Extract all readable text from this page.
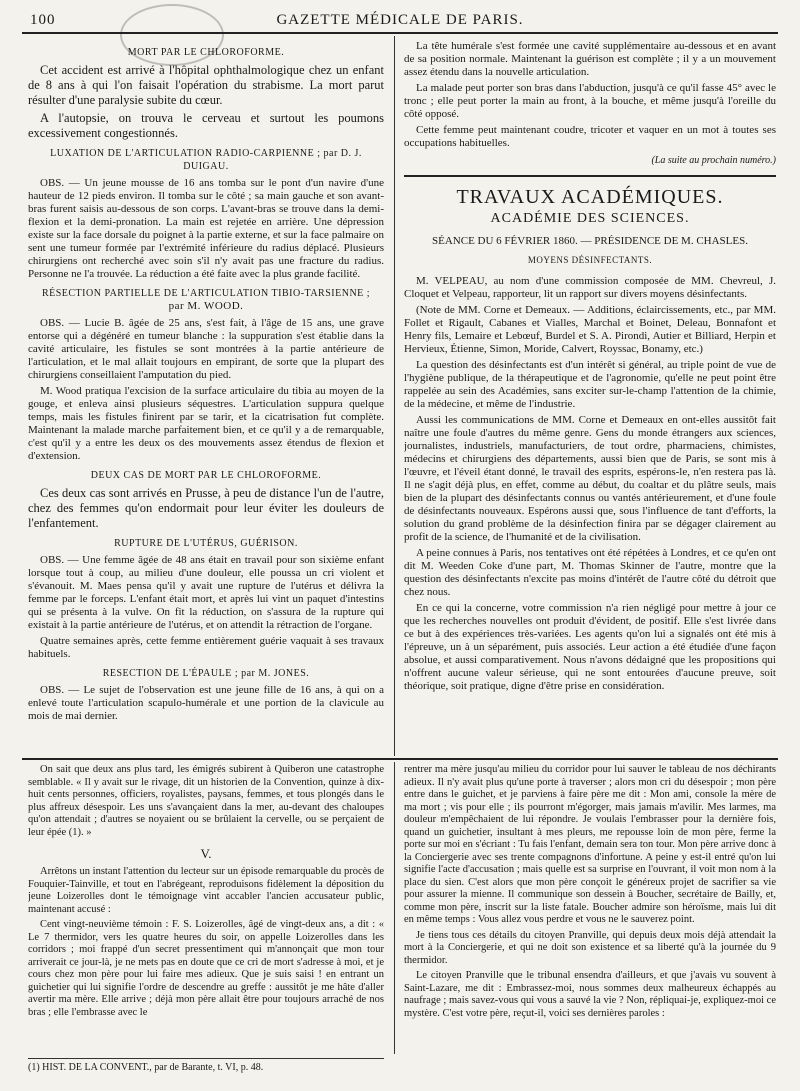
100	GAZETTE MÉDICALE DE PARIS.
MORT PAR LE CHLOROFORME.

Cet accident est arrivé à l'hôpital ophthalmologique chez un enfant de 8 ans à qui l'on faisait l'opération du strabisme. La mort parut résulter d'une paralysie subite du cœur.

A l'autopsie, on trouva le cerveau et surtout les poumons excessivement congestionnés.

LUXATION DE L'ARTICULATION RADIO-CARPIENNE ; par D. J. DUIGAU.

OBS. — Un jeune mousse de 16 ans tomba sur le pont d'un navire d'une hauteur de 12 pieds environ. Il tomba sur le côté ; sa main gauche et son avant-bras furent saisis au-dessous de son corps. L'avant-bras se trouve dans la demi-flexion et la demi-pronation. La main est rejetée en arrière. Une dépression existe sur la face dorsale du poignet à la partie externe, et sur la face palmaire on sent une tumeur formée par l'extrémité inférieure du radius déplacé. Plusieurs chirurgiens ont recherché avec soin s'il n'y avait pas une fracture du radius. Personne ne l'a trouvée. La réduction a été faite avec la plus grande facilité.

RÉSECTION PARTIELLE DE L'ARTICULATION TIBIO-TARSIENNE ;
par M. WOOD.

OBS. — Lucie B. âgée de 25 ans, s'est fait, à l'âge de 15 ans, une grave entorse qui a dégénéré en tumeur blanche : la suppuration s'est établie dans la cavité articulaire, les fistules se sont montrées à la partie antérieure de l'articulation, et le mal allait toujours en empirant, de sorte que la plupart des chirurgiens conseillaient l'amputation du pied.

M. Wood pratiqua l'excision de la surface articulaire du tibia au moyen de la gouge, et enleva ainsi plusieurs séquestres. L'articulation suppura quelque temps, mais les fistules finirent par se tarir, et la cicatrisation fut complète. Maintenant la malade marche parfaitement bien, et ce qu'il y a de remarquable, c'est qu'il y a entre les deux os des mouvements assez étendus de flexion et d'extension.

DEUX CAS DE MORT PAR LE CHLOROFORME.

Ces deux cas sont arrivés en Prusse, à peu de distance l'un de l'autre, chez des femmes qu'on endormait pour leur éviter les douleurs de l'enfantement.

RUPTURE DE L'UTÉRUS, GUÉRISON.

OBS. — Une femme âgée de 48 ans était en travail pour son sixième enfant lorsque tout à coup, au milieu d'une douleur, elle poussa un cri violent et s'évanouit. M. Maes pensa qu'il y avait une rupture de l'utérus et délivra la femme par le forceps. L'enfant était mort, et après lui vint un paquet d'intestins qui se présenta à la vulve. On fit la réduction, on s'assura de la rupture qui existait à la partie antérieure de l'utérus, et on attendit la rétraction de l'organe.

Quatre semaines après, cette femme entièrement guérie vaquait à ses travaux habituels.

RESECTION DE L'ÉPAULE ; par M. JONES.

OBS. — Le sujet de l'observation est une jeune fille de 16 ans, à qui on a enlevé toute l'articulation scapulo-humérale et une portion de la clavicule au mois de mai dernier.

La tête humérale s'est formée une cavité supplémentaire au-dessous et en avant de sa position normale. Maintenant la guérison est complète ; il y a un mouvement assez étendu dans la nouvelle articulation.

La malade peut porter son bras dans l'abduction, jusqu'à ce qu'il fasse 45° avec le tronc ; elle peut porter la main au front, à la bouche, et même jusqu'à l'oreille du côté opposé.

Cette femme peut maintenant coudre, tricoter et vaquer en un mot à toutes ses occupations habituelles.

(La suite au prochain numéro.)
TRAVAUX ACADÉMIQUES.
ACADÉMIE DES SCIENCES.
SÉANCE DU 6 FÉVRIER 1860. — PRÉSIDENCE DE M. CHASLES.
MOYENS DÉSINFECTANTS.

M. VELPEAU, au nom d'une commission composée de MM. Chevreul, J. Cloquet et Velpeau, rapporteur, lit un rapport sur divers moyens désinfectants.

(Note de MM. Corne et Demeaux. — Additions, éclaircissements, etc., par MM. Follet et Rigault, Cabanes et Vialles, Marchal et Boinet, Deleau, Bonnafont et Henry fils, Lemaire et Lebœuf, Burdel et S. A. Pirondi, Autier et Billiard, Herpin et Hervieux, Étienne, Simon, Moride, Calvert, Royssac, Bonamy, etc.)

La question des désinfectants est d'un intérêt si général, au triple point de vue de l'hygiène publique, de la thérapeutique et de l'agronomie, qu'elle ne peut point être rappelée au sein des Académies, sans exciter sur-le-champ l'attention de la chimie, de la médecine, et même de l'industrie.

Aussi les communications de MM. Corne et Demeaux en ont-elles aussitôt fait naître une foule d'autres du même genre. Gens du monde étrangers aux sciences, journalistes, industriels, manufacturiers, de tout ordre, pharmaciens, chimistes, médecins et chirurgiens des départements, aussi bien que de Paris, se sont mis à l'œuvre, et l'éveil étant donné, le travail des esprits, espérons-le, n'en restera pas là. Il ne s'agit déjà plus, en effet, comme au début, du coaltar et du plâtre seuls, mais bien de la plupart des désinfectants connus ou vantés antérieurement, et d'une foule de désinfectants nouveaux. Espérons aussi que, sous l'influence de tant d'efforts, la solution du grand problème de la désinfection finira par se dégager clairement au profit de la science, de l'humanité et de la civilisation.

A peine connues à Paris, nos tentatives ont été répétées à Londres, et ce qu'en ont dit M. Weeden Coke d'une part, M. Thomas Skinner de l'autre, montre que la question des désinfectants n'excite pas moins d'intérêt de l'autre côté du détroit que chez nous.

En ce qui la concerne, votre commission n'a rien négligé pour mettre à jour ce que les recherches nouvelles ont produit d'évident, de positif. Elle s'est livrée dans ce but à des expériences très-variées. Les agents qu'on lui a signalés ont été mis à l'épreuve, un à un séparément, puis associés. Leur action a été étudiée d'une façon absolue, et aussi comparativement. Nous n'avons dédaigné que les propositions qui n'offrent aucune valeur sérieuse, qui ne sont entourées d'aucune preuve, soit théorique, soit pratique, digne d'être prise en considération.

On sait que deux ans plus tard, les émigrés subirent à Quiberon une catastrophe semblable. « Il y avait sur le rivage, dit un historien de la Convention, quinze à dix-huit cents personnes, officiers, royalistes, paysans, femmes, et tous plongés dans le plus affreux désespoir. Les uns s'avançaient dans la mer, au-devant des chaloupes qu'on attendait ; d'autres se noyaient ou se brûlaient la cervelle, ou se perçaient de leur épée (1). »

V.

Arrêtons un instant l'attention du lecteur sur un épisode remarquable du procès de Fouquier-Tainville, et tout en l'abrégeant, reproduisons fidèlement la déposition du jeune Loizerolles dont le témoignage vint accabler l'ancien accusateur public, maintenant accusé :

Cent vingt-neuvième témoin : F. S. Loizerolles, âgé de vingt-deux ans, a dit : « Le 7 thermidor, vers les quatre heures du soir, on appelle Loizerolles dans les corridors ; moi frappé d'un secret pressentiment qui m'annonçait que mon tour arriverait ce jour-là, je ne mets pas en doute que ce cri de mort s'adresse à moi, et je cours chez mon père pour lui faire mes adieux. Que je suis saisi ! en entrant un guichetier qui lui signifie l'ordre de descendre au greffe : aussitôt je me hâte d'aller avertir ma mère. Elle arrive ; déjà mon père allait être pour toujours arraché de nos bras ; elle l'embrasse avec le

rentrer ma mère jusqu'au milieu du corridor pour lui sauver le tableau de nos déchirants adieux. Il n'y avait plus qu'une porte à traverser ; alors mon cri du désespoir ; mon père entre dans le guichet, et je parviens à faire père me dit : Mon ami, console la mère de ma mort ; vis pour elle ; ils pourront m'égorger, mais jamais m'avilir. Mes larmes, ma douleur m'empêchaient de lui répondre. Je voulais l'embrasser pour la dernière fois, quand un guichetier, insultant à mes pleurs, me repousse loin de mon père, ferme la porte sur moi en s'écriant : Tu fais l'enfant, demain sera ton tour. Mon père arrive donc à la Conciergerie avec ses trente compagnons d'infortune. A peine y est-il entré qu'on lui signifie l'acte d'accusation ; mais quelle est sa surprise en l'ouvrant, il voit mon nom à la place du sien. C'est alors que mon père conçoit le généreux projet de sacrifier sa vie pour assurer la mienne. Il communique son dessein à Boucher, secrétaire de Bailly, et, comme mon père, inscrit sur la liste fatale. Boucher admire son héroïsme, mais lui dit en même temps : Vous allez vous perdre et vous ne le sauverez point.

Je tiens tous ces détails du citoyen Pranville, qui depuis deux mois déjà attendait la mort à la Conciergerie, et qui ne doit son existence et sa liberté qu'à la journée du 9 thermidor.

Le citoyen Pranville que le tribunal ensendra d'ailleurs, et que j'avais vu souvent à Saint-Lazare, me dit : Embrassez-moi, nous sommes deux malheureux échappés au naufrage ; mais savez-vous qui vous a sauvé la vie ? Non, répliquai-je, expliquez-moi ce mystère. C'est votre père, reçut-il, voici ses dernières paroles :

(1) HIST. DE LA CONVENT., par de Barante, t. VI, p. 48.
